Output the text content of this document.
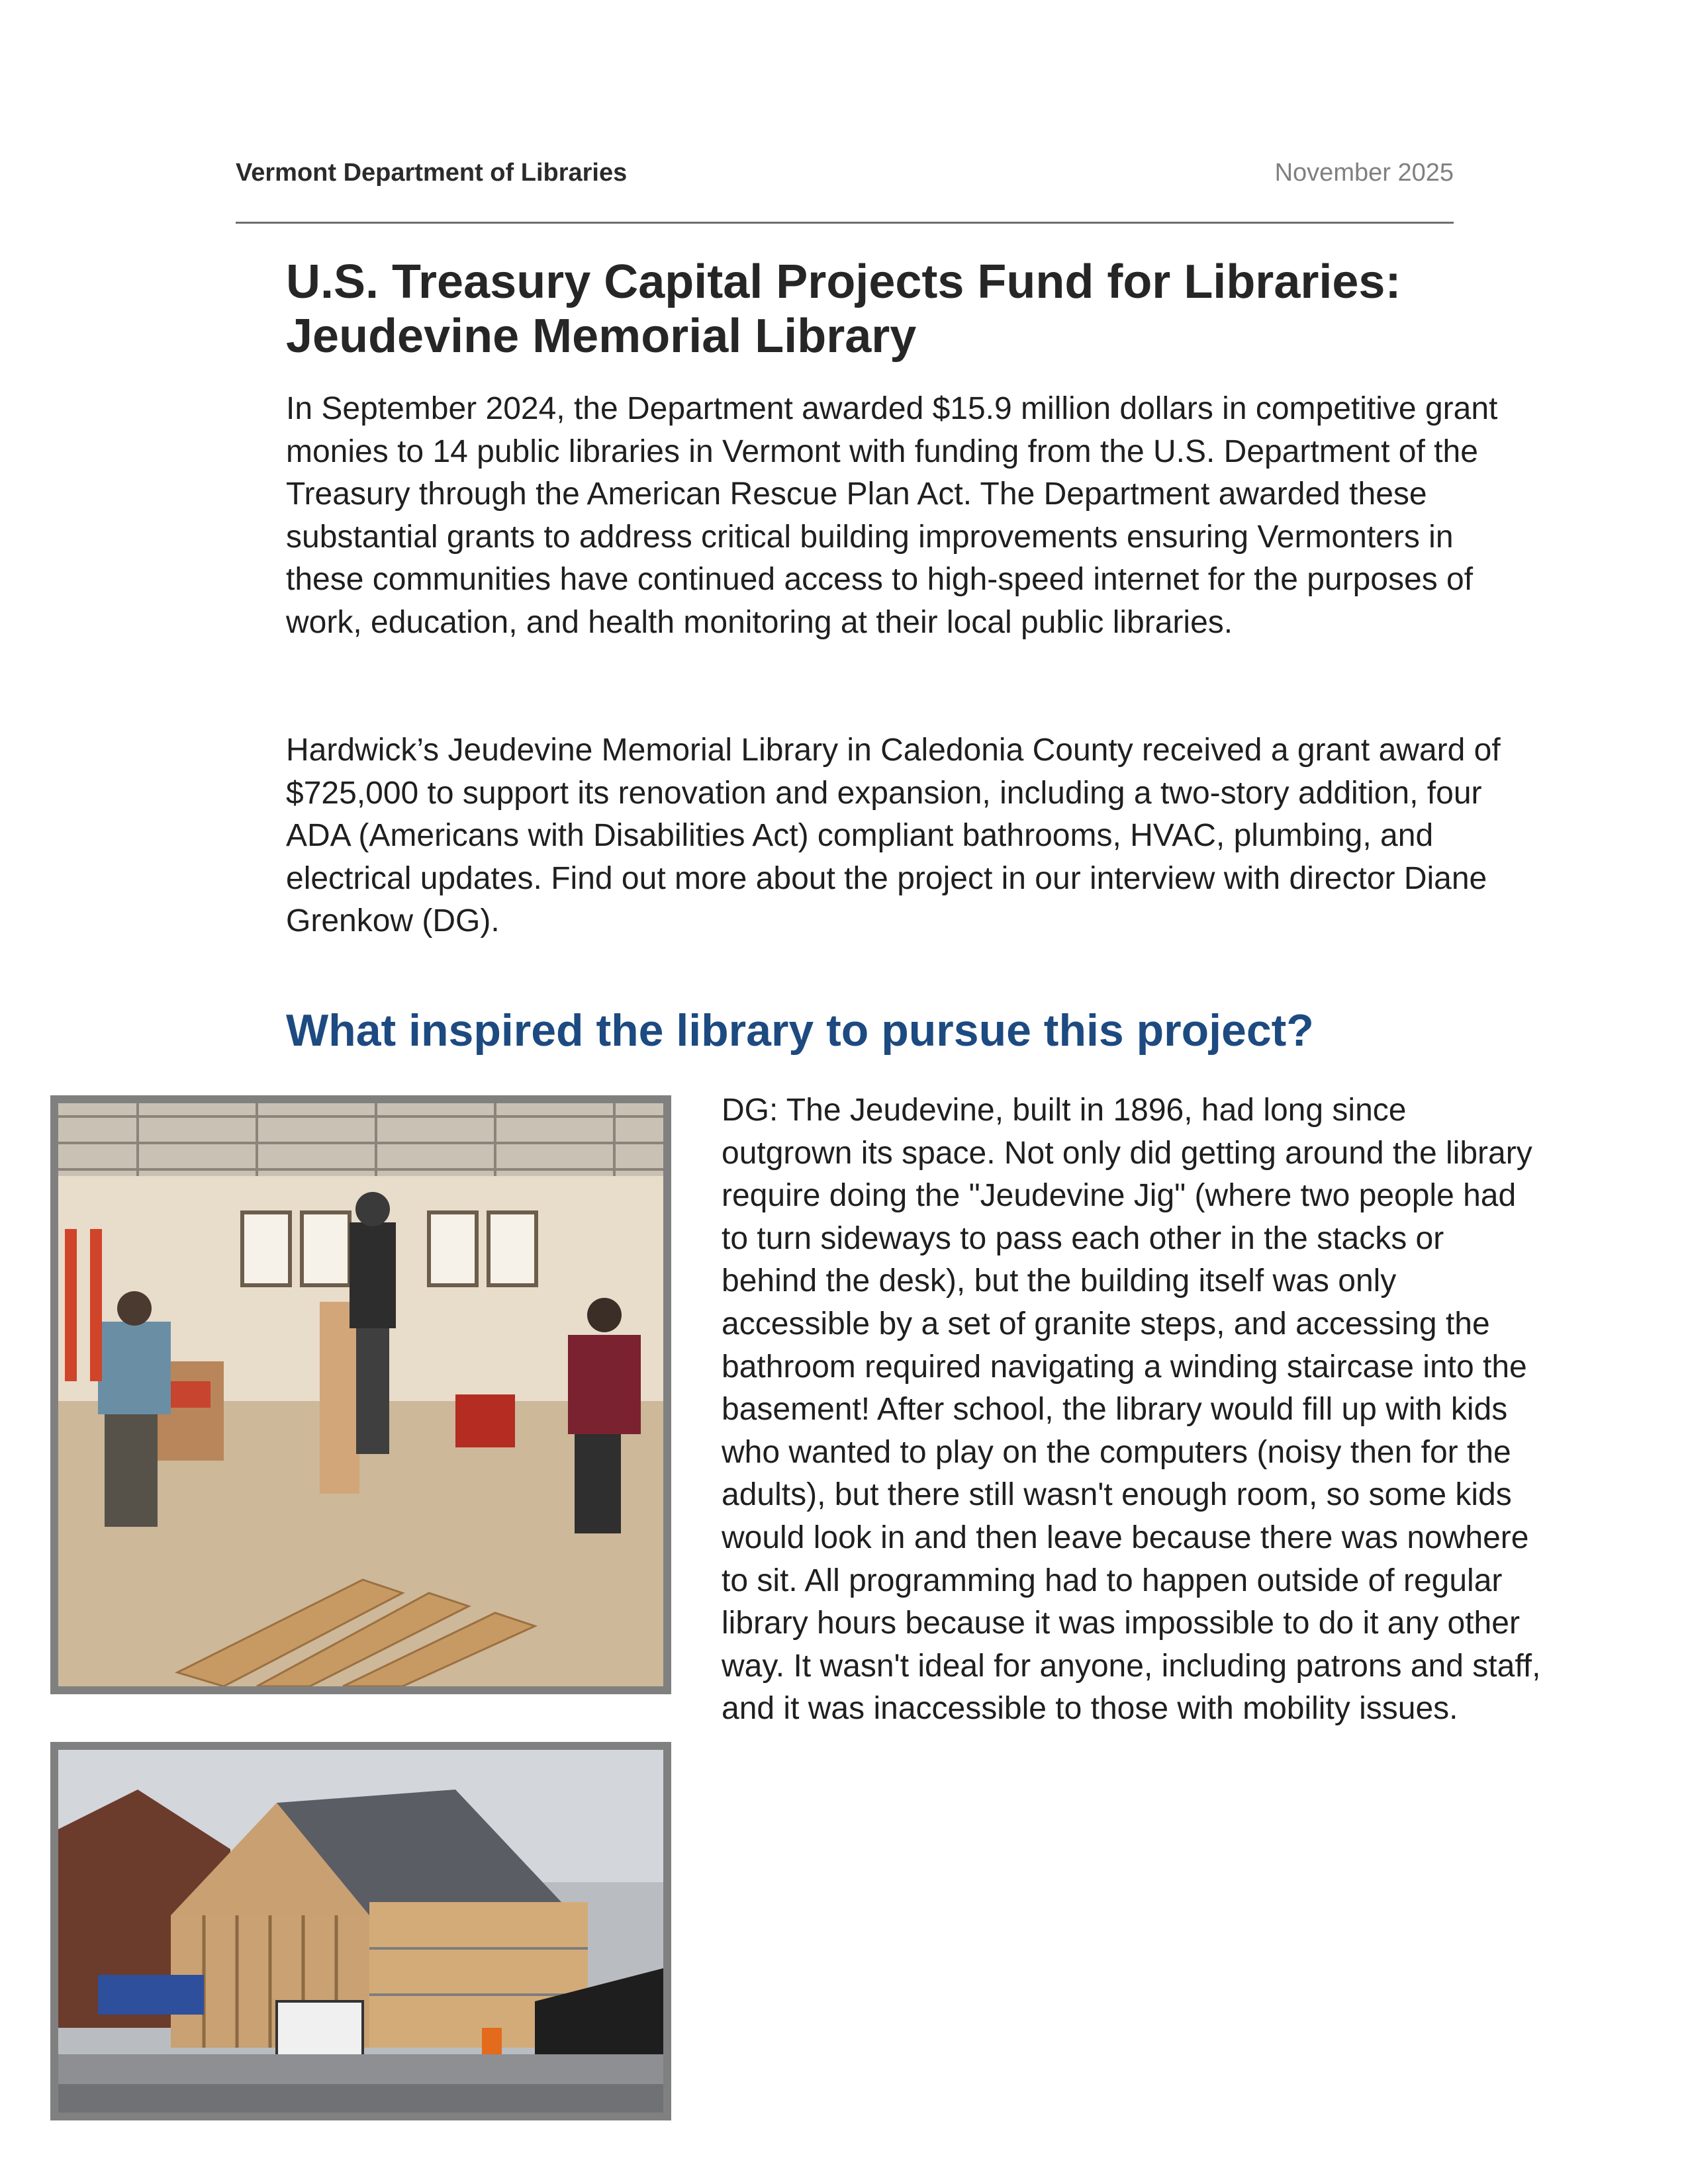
Vermont Department of Libraries	November 2025
U.S. Treasury Capital Projects Fund for Libraries:
Jeudevine Memorial Library
In September 2024, the Department awarded $15.9 million dollars in competitive grant monies to 14 public libraries in Vermont with funding from the U.S. Department of the Treasury through the American Rescue Plan Act. The Department awarded these substantial grants to address critical building improvements ensuring Vermonters in these communities have continued access to high-speed internet for the purposes of work, education, and health monitoring at their local public libraries.
Hardwick’s Jeudevine Memorial Library in Caledonia County received a grant award of $725,000 to support its renovation and expansion, including a two-story addition, four ADA (Americans with Disabilities Act) compliant bathrooms, HVAC, plumbing, and electrical updates. Find out more about the project in our interview with director Diane Grenkow (DG).
What inspired the library to pursue this project?
DG: The Jeudevine, built in 1896, had long since outgrown its space. Not only did getting around the library require doing the "Jeudevine Jig" (where two people had to turn sideways to pass each other in the stacks or behind the desk), but the building itself was only accessible by a set of granite steps, and accessing the bathroom required navigating a winding staircase into the basement! After school, the library would fill up with kids who wanted to play on the computers (noisy then for the adults), but there still wasn't enough room, so some kids would look in and then leave because there was nowhere to sit. All programming had to happen outside of regular library hours because it was impossible to do it any other way. It wasn't ideal for anyone, including patrons and staff, and it was inaccessible to those with mobility issues.
